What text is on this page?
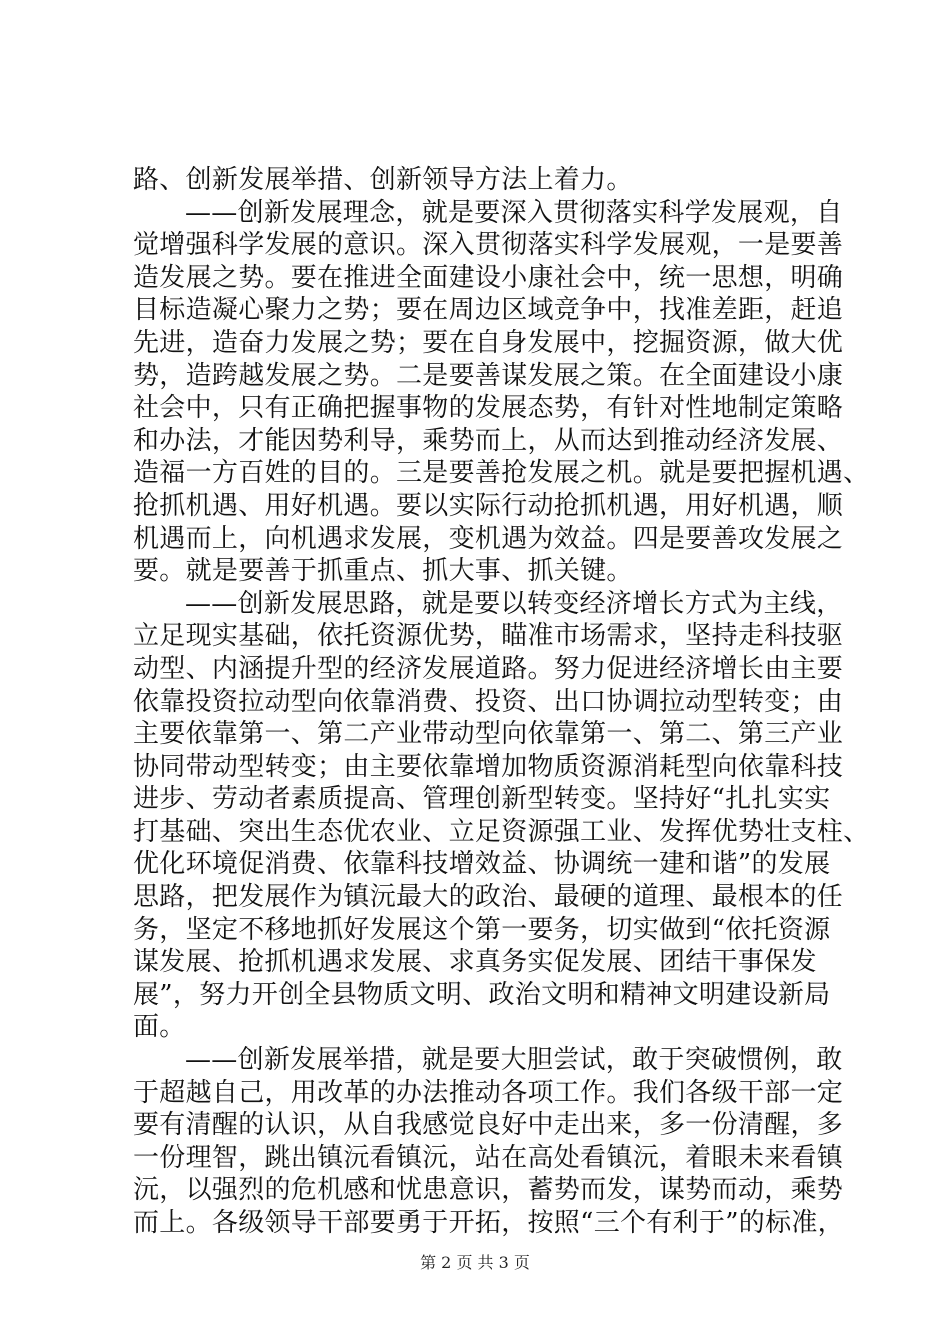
路、创新发展举措、创新领导方法上着力。
——创新发展理念，就是要深入贯彻落实科学发展观，自
觉增强科学发展的意识。深入贯彻落实科学发展观，一是要善
造发展之势。要在推进全面建设小康社会中，统一思想，明确
目标造凝心聚力之势；要在周边区域竞争中，找准差距，赶追
先进，造奋力发展之势；要在自身发展中，挖掘资源，做大优
势，造跨越发展之势。二是要善谋发展之策。在全面建设小康
社会中，只有正确把握事物的发展态势，有针对性地制定策略
和办法，才能因势利导，乘势而上，从而达到推动经济发展、
造福一方百姓的目的。三是要善抢发展之机。就是要把握机遇、
抢抓机遇、用好机遇。要以实际行动抢抓机遇，用好机遇，顺
机遇而上，向机遇求发展，变机遇为效益。四是要善攻发展之
要。就是要善于抓重点、抓大事、抓关键。
——创新发展思路，就是要以转变经济增长方式为主线，
立足现实基础，依托资源优势，瞄准市场需求，坚持走科技驱
动型、内涵提升型的经济发展道路。努力促进经济增长由主要
依靠投资拉动型向依靠消费、投资、出口协调拉动型转变；由
主要依靠第一、第二产业带动型向依靠第一、第二、第三产业
协同带动型转变；由主要依靠增加物质资源消耗型向依靠科技
进步、劳动者素质提高、管理创新型转变。坚持好“扎扎实实
打基础、突出生态优农业、立足资源强工业、发挥优势壮支柱、
优化环境促消费、依靠科技增效益、协调统一建和谐”的发展
思路，把发展作为镇沅最大的政治、最硬的道理、最根本的任
务，坚定不移地抓好发展这个第一要务，切实做到“依托资源
谋发展、抢抓机遇求发展、求真务实促发展、团结干事保发
展”，努力开创全县物质文明、政治文明和精神文明建设新局
面。
——创新发展举措，就是要大胆尝试，敢于突破惯例，敢
于超越自己，用改革的办法推动各项工作。我们各级干部一定
要有清醒的认识，从自我感觉良好中走出来，多一份清醒，多
一份理智，跳出镇沅看镇沅，站在高处看镇沅，着眼未来看镇
沅，以强烈的危机感和忧患意识，蓄势而发，谋势而动，乘势
而上。各级领导干部要勇于开拓，按照“三个有利于”的标准，
第 2 页 共 3 页
